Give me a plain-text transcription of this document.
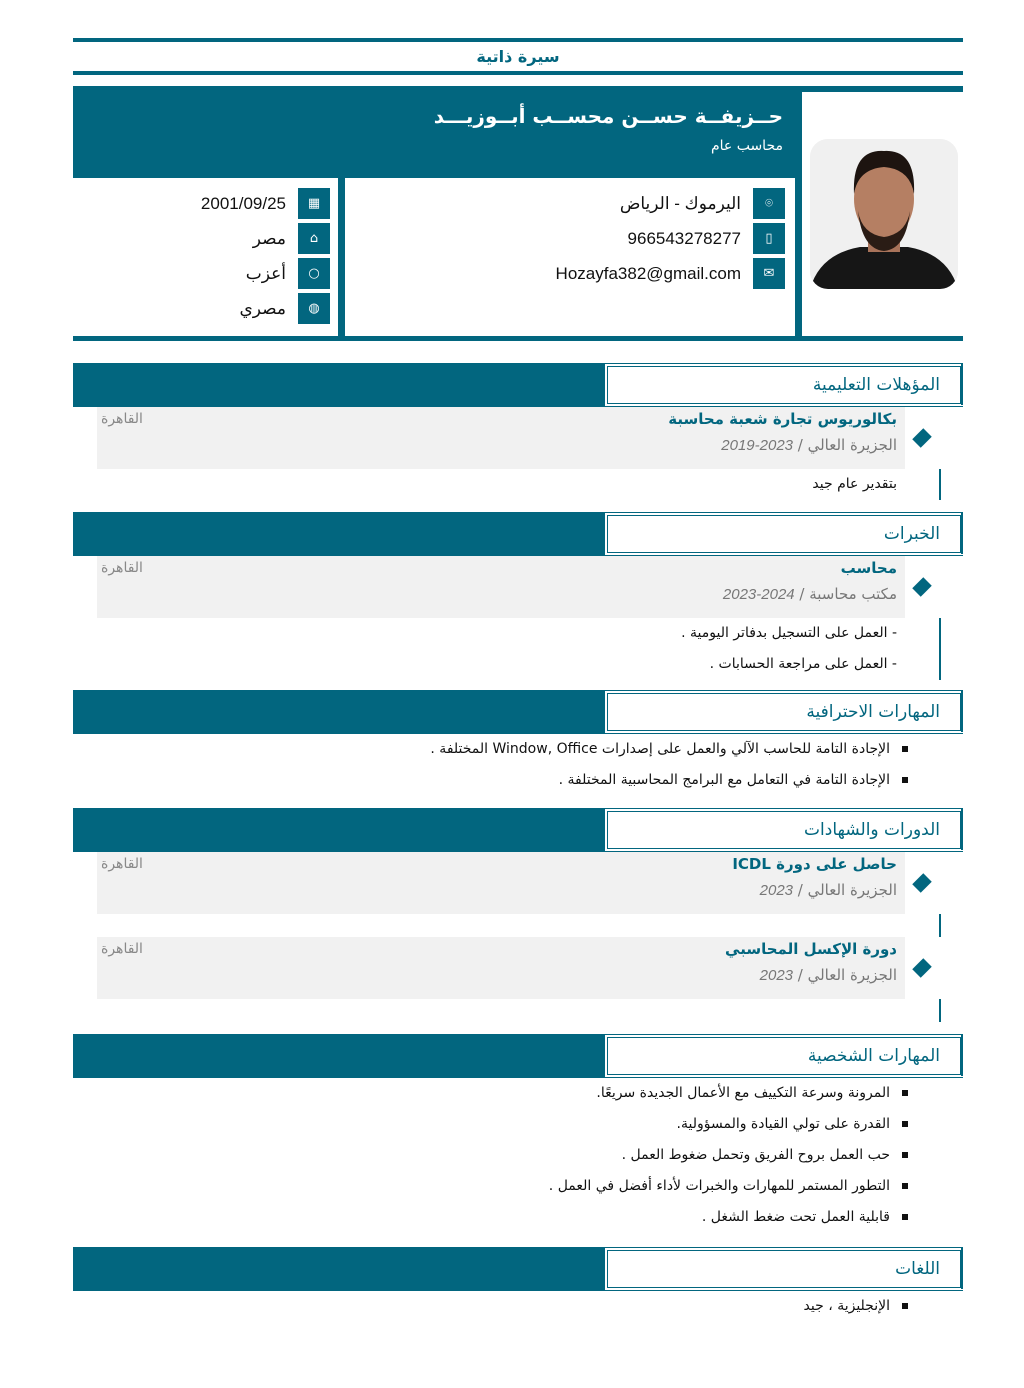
سيرة ذاتية
حــزيفــة حســن محســب أبــوزيـــد
محاسب عام
⌾
اليرموك - الرياض
▯
966543278277
✉
Hozayfa382@gmail.com
▦
2001/09/25
⌂
مصر
○
أعزب
◍
مصري
المؤهلات التعليمية
بكالوريوس تجارة شعبة محاسبة
الجزيرة العالي / 2023-2019
القاهرة
بتقدير عام جيد
الخبرات
محاسب
مكتب محاسبة / 2024-2023
القاهرة
- العمل على التسجيل بدفاتر اليومية .
- العمل على مراجعة الحسابات .
المهارات الاحترافية
الإجادة التامة للحاسب الآلي والعمل على إصدارات Window, Office المختلفة .
الإجادة التامة في التعامل مع البرامج المحاسبية المختلفة .
الدورات والشهادات
حاصل على دورة ICDL
الجزيرة العالي / 2023
القاهرة
دورة الإكسل المحاسبي
الجزيرة العالي / 2023
القاهرة
المهارات الشخصية
المرونة وسرعة التكييف مع الأعمال الجديدة سريعًا.
القدرة على تولي القيادة والمسؤولية.
حب العمل بروح الفريق وتحمل ضغوط العمل .
التطور المستمر للمهارات والخبرات لأداء أفضل في العمل .
قابلية العمل تحت ضغط الشغل .
اللغات
الإنجليزية ، جيد
